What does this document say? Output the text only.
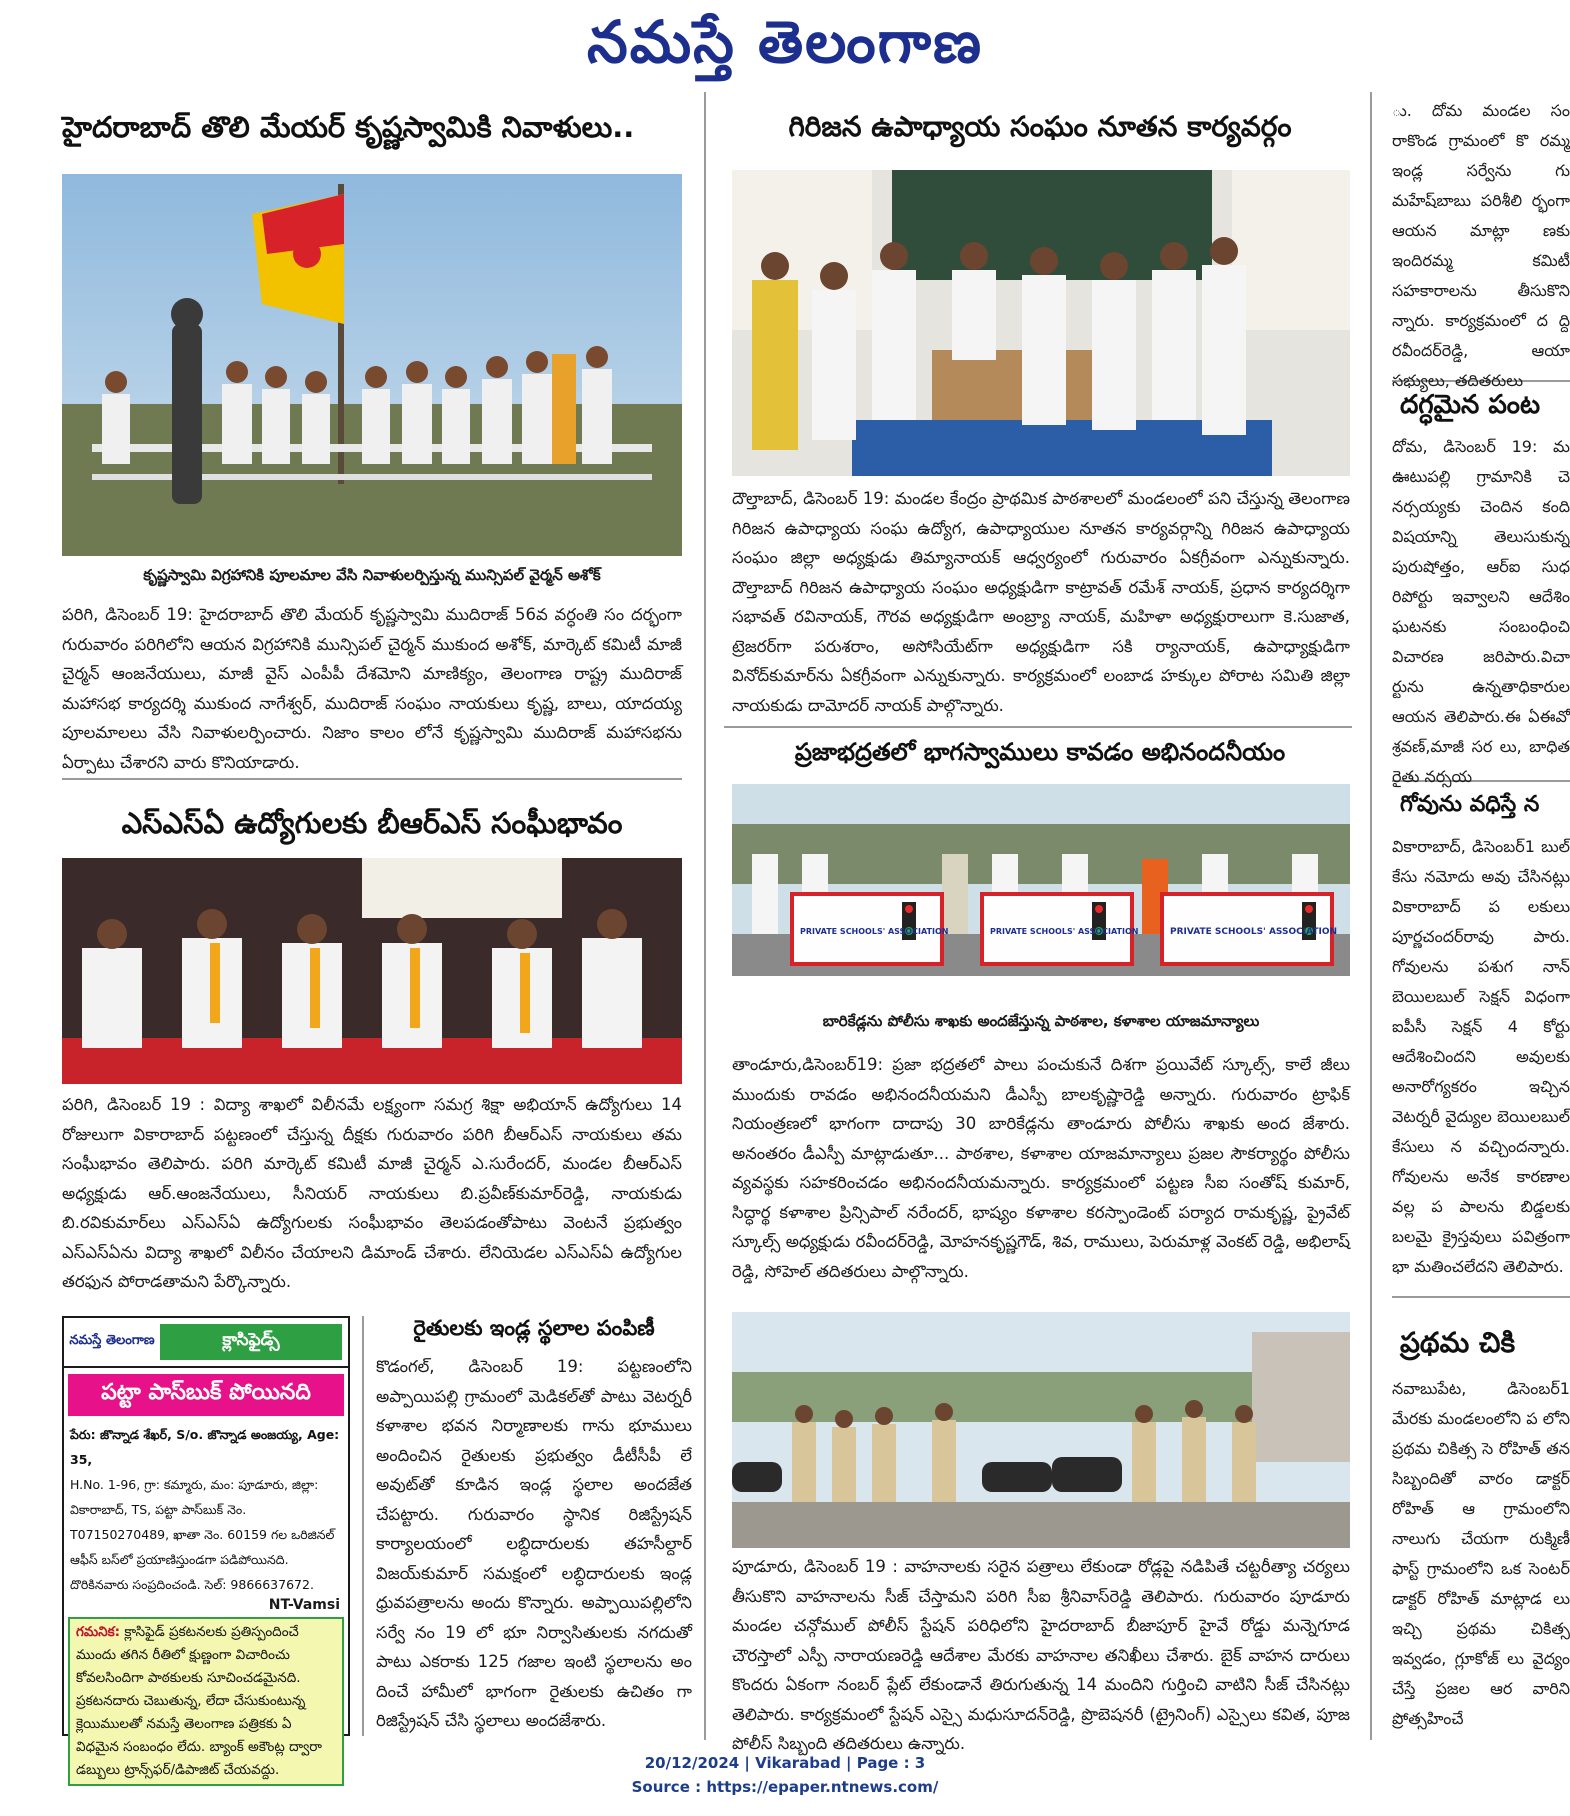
నమస్తే తెలంగాణ
హైదరాబాద్ తొలి మేయర్ కృష్ణస్వామికి నివాళులు..
కృష్ణస్వామి విగ్రహానికి పూలమాల వేసి నివాళులర్పిస్తున్న మున్సిపల్ వైర్మన్ అశోక్

పరిగి, డిసెంబర్ 19: హైదరాబాద్ తొలి మేయర్ కృష్ణస్వామి ముదిరాజ్ 56వ వర్ధంతి సం దర్భంగా గురువారం పరిగిలోని ఆయన విగ్రహానికి మున్సిపల్ చైర్మన్ ముకుంద అశోక్, మార్కెట్ కమిటీ మాజీ చైర్మన్ ఆంజనేయులు, మాజీ వైస్ ఎంపీపీ దేశమోని మాణిక్యం, తెలంగాణ రాష్ట్ర ముదిరాజ్ మహాసభ కార్యదర్శి ముకుంద నాగేశ్వర్, ముదిరాజ్ సంఘం నాయకులు కృష్ణ, బాలు, యాదయ్య పూలమాలలు వేసి నివాళులర్పించారు. నిజాం కాలం లోనే కృష్ణస్వామి ముదిరాజ్ మహాసభను ఏర్పాటు చేశారని వారు కొనియాడారు.

గిరిజన ఉపాధ్యాయ సంఘం నూతన కార్యవర్గం

దౌల్తాబాద్, డిసెంబర్ 19: మండల కేంద్రం ప్రాథమిక పాఠశాలలో మండలంలో పని చేస్తున్న తెలంగాణ గిరిజన ఉపాధ్యాయ సంఘ ఉద్యోగ, ఉపాధ్యాయుల నూతన కార్యవర్గాన్ని గిరిజన ఉపాధ్యాయ సంఘం జిల్లా అధ్యక్షుడు తిమ్యానాయక్ ఆధ్వర్యంలో గురువారం ఏకగ్రీవంగా ఎన్నుకున్నారు. దౌల్తాబాద్ గిరిజన ఉపాధ్యాయ సంఘం అధ్యక్షుడిగా కాట్రావత్ రమేశ్ నాయక్, ప్రధాన కార్యదర్శిగా సభావత్ రవినాయక్, గౌరవ అధ్యక్షుడిగా అంబ్ర్యా నాయక్, మహిళా అధ్యక్షురాలుగా కె.సుజాత, ట్రెజరర్‌గా పరుశరాం, అసోసియేట్‌గా అధ్యక్షుడిగా సకి ర్యానాయక్, ఉపాధ్యాక్షుడిగా వినోద్‌కుమార్‌ను ఏకగ్రీవంగా ఎన్నుకున్నారు. కార్యక్రమంలో లంబాడ హక్కుల పోరాట సమితి జిల్లా నాయకుడు దామోదర్ నాయక్ పాల్గొన్నారు.

ఎస్ఎస్ఏ ఉద్యోగులకు బీఆర్ఎస్ సంఘీభావం

పరిగి, డిసెంబర్ 19 : విద్యా శాఖలో విలీనమే లక్ష్యంగా సమగ్ర శిక్షా అభియాన్ ఉద్యోగులు 14 రోజులుగా వికారాబాద్ పట్టణంలో చేస్తున్న దీక్షకు గురువారం పరిగి బీఆర్ఎస్ నాయకులు తమ సంఘీభావం తెలిపారు. పరిగి మార్కెట్ కమిటీ మాజీ చైర్మన్ ఎ.సురేందర్, మండల బీఆర్ఎస్ అధ్యక్షుడు ఆర్.ఆంజనేయులు, సీనియర్ నాయకులు బి.ప్రవీణ్‌కుమార్‌రెడ్డి, నాయకుడు బి.రవికుమార్‌లు ఎస్ఎస్ఏ ఉద్యోగులకు సంఘీభావం తెలపడంతోపాటు వెంటనే ప్రభుత్వం ఎస్ఎస్ఏను విద్యా శాఖలో విలీనం చేయాలని డిమాండ్ చేశారు. లేనియెడల ఎస్ఎస్ఏ ఉద్యోగుల తరఫున పోరాడతామని పేర్కొన్నారు.

ప్రజాభద్రతలో భాగస్వాములు కావడం అభినందనీయం
PRIVATE SCHOOLS' ASSOCIATION	PRIVATE SCHOOLS' ASSOCIATION	PRIVATE SCHOOLS' ASSOCIATION
బారికేడ్లను పోలీసు శాఖకు అందజేస్తున్న పాఠశాల, కళాశాల యాజమాన్యాలు

తాండూరు,డిసెంబర్19: ప్రజా భద్రతలో పాలు పంచుకునే దిశగా ప్రయివేట్ స్కూల్స్, కాలే జీలు ముందుకు రావడం అభినందనీయమని డీఎస్పీ బాలకృష్ణారెడ్డి అన్నారు. గురువారం ట్రాఫిక్ నియంత్రణలో భాగంగా దాదాపు 30 బారికేడ్లను తాండూరు పోలీసు శాఖకు అంద జేశారు. అనంతరం డీఎస్పీ మాట్లాడుతూ... పాఠశాల, కళాశాల యాజమాన్యాలు ప్రజల సౌకర్యార్థం పోలీసు వ్యవస్థకు సహకరించడం అభినందనీయమన్నారు. కార్యక్రమంలో పట్టణ సీఐ సంతోష్ కుమార్, సిద్ధార్థ కళాశాల ప్రిన్సిపాల్ నరేందర్, భాష్యం కళాశాల కరస్పాండెంట్ పర్యాద రామకృష్ణ, ప్రైవేట్ స్కూల్స్ అధ్యక్షుడు రవీందర్‌రెడ్డి, మోహనకృష్ణగౌడ్, శివ, రాములు, పెరుమాళ్ల వెంకట్ రెడ్డి, అభిలాష్ రెడ్డి, సోహెల్ తదితరులు పాల్గొన్నారు.

నమస్తే తెలంగాణ	క్లాసిఫైడ్స్
పట్టా పాస్‌బుక్ పోయినది
పేరు: జొన్నాడ శేఖర్, S/o. జొన్నాడ అంజయ్య, Age: 35,
H.No. 1-96, గ్రా: కమ్మారు, మం: పూడూరు, జిల్లా: వికారాబాద్, TS, పట్టా పాస్‌బుక్ నెం. T07150270489, ఖాతా నెం. 60159 గల ఒరిజినల్ ఆఫీస్ బస్‌లో ప్రయాణిస్తుండగా పడిపోయినది. దొరికినవారు సంప్రదించండి. సెల్: 9866637672.
NT-Vamsi
గమనిక: క్లాసిఫైడ్ ప్రకటనలకు ప్రతిస్పందించే ముందు తగిన రీతిలో క్షుణ్ణంగా విచారించు కోవలసిందిగా పాఠకులకు సూచించడమైనది. ప్రకటనదారు చెబుతున్న, లేదా చేసుకుంటున్న క్లెయిములతో నమస్తే తెలంగాణ పత్రికకు ఏ విధమైన సంబంధం లేదు. బ్యాంక్ అకౌంట్ల ద్వారా డబ్బులు ట్రాన్స్‌ఫర్/డిపాజిట్ చేయవద్దు.
రైతులకు ఇండ్ల స్థలాల పంపిణీ

కొడంగల్, డిసెంబర్ 19: పట్టణంలోని అప్పాయిపల్లి గ్రామంలో మెడికల్‌తో పాటు వెటర్నరీ కళాశాల భవన నిర్మాణాలకు గాను భూములు అందించిన రైతులకు ప్రభుత్వం డీటీసీపీ లే అవుట్‌తో కూడిన ఇండ్ల స్థలాల అందజేత చేపట్టారు. గురువారం స్థానిక రిజిస్ట్రేషన్ కార్యాలయంలో లబ్ధిదారులకు తహసీల్దార్ విజయ్‌కుమార్ సమక్షంలో లబ్ధిదారులకు ఇండ్ల ధ్రువపత్రాలను అందు కొన్నారు. అప్పాయిపల్లిలోని సర్వే నం 19 లో భూ నిర్వాసితులకు నగదుతో పాటు ఎకరాకు 125 గజాల ఇంటి స్థలాలను అం దించే హామీలో భాగంగా రైతులకు ఉచితం గా రిజిస్ట్రేషన్ చేసి స్థలాలు అందజేశారు.

పూడూరు, డిసెంబర్ 19 : వాహనాలకు సరైన పత్రాలు లేకుండా రోడ్లపై నడిపితే చట్టరీత్యా చర్యలు తీసుకొని వాహనాలను సీజ్ చేస్తామని పరిగి సీఐ శ్రీనివాస్‌రెడ్డి తెలిపారు. గురువారం పూడూరు మండల చన్గోముల్ పోలీస్ స్టేషన్ పరిధిలోని హైదరాబాద్ బీజాపూర్ హైవే రోడ్డు మన్నెగూడ చౌరస్తాలో ఎస్పీ నారాయణరెడ్డి ఆదేశాల మేరకు వాహనాల తనిఖీలు చేశారు. బైక్ వాహన దారులు కొందరు ఏకంగా నంబర్ ప్లేట్ లేకుండానే తిరుగుతున్న 14 మందిని గుర్తించి వాటిని సీజ్ చేసినట్లు తెలిపారు. కార్యక్రమంలో స్టేషన్ ఎస్సై మధుసూదన్‌రెడ్డి, ప్రొబెషనరీ (ట్రైనింగ్) ఎస్సైలు కవిత, పూజ పోలీస్ సిబ్బంది తదితరులు ఉన్నారు.

ు. దోమ మండల సం రాకొండ గ్రామంలో కొ రమ్మ ఇండ్ల సర్వేను గు మహేష్‌బాబు పరిశీలి ర్భంగా ఆయన మాట్లా ణకు ఇందిరమ్మ కమిటీ సహకారాలను తీసుకొని న్నారు. కార్యక్రమంలో ద ద్ది రవీందర్‌రెడ్డి, ఆయా సభ్యులు, తదితరులు

దగ్ధమైన పంట

దోమ, డిసెంబర్ 19: మ ఊటుపల్లి గ్రామానికి చె నర్సయ్యకు చెందిన కంది విషయాన్ని తెలుసుకున్న పురుషోత్తం, ఆర్ఐ సుధ రిపోర్టు ఇవ్వాలని ఆదేశిం ఘటనకు సంబంధించి విచారణ జరిపారు.విచా ర్టును ఉన్నతాధికారుల ఆయన తెలిపారు.ఈ ఏఈవో శ్రవణ్,మాజీ సర లు, బాధిత రైతు నర్సయ

గోవును వధిస్తే న

వికారాబాద్, డిసెంబర్1 బుల్ కేసు నమోదు అవు చేసినట్లు వికారాబాద్ ప లకులు పూర్ణచందర్‌రావు పారు. గోవులను పశుగ నాన్ బెయిలబుల్ సెక్షన్ విధంగా ఐపీసీ సెక్షన్ 4 కోర్టు ఆదేశించిందని అవులకు అనారోగ్యకరం ఇచ్చిన వెటర్నరీ వైద్యుల బెయిలబుల్ కేసులు న వచ్చిందన్నారు. గోవులను అనేక కారణాల వల్ల ప పాలను బిడ్డలకు బలమై క్రైస్తవులు పవిత్రంగా భా మతించలేదని తెలిపారు.

ప్రథమ చికి

నవాబుపేట, డిసెంబర్1 మేరకు మండలంలోని ప లోని ప్రథమ చికిత్స సె రోహిత్ తన సిబ్బందితో వారం డాక్టర్ రోహిత్ ఆ గ్రామంలోని నాలుగు చేయగా రుక్మిణీ ఫాస్ట్ గ్రామంలోని ఒక సెంటర్ డాక్టర్ రోహిత్ మాట్లాడ లు ఇచ్చి ప్రథమ చికిత్స ఇవ్వడం, గ్లూకోజ్ లు వైద్యం చేస్తే ప్రజల ఆర వారిని ప్రోత్సహించే

20/12/2024 | Vikarabad | Page : 3
Source : https://epaper.ntnews.com/
